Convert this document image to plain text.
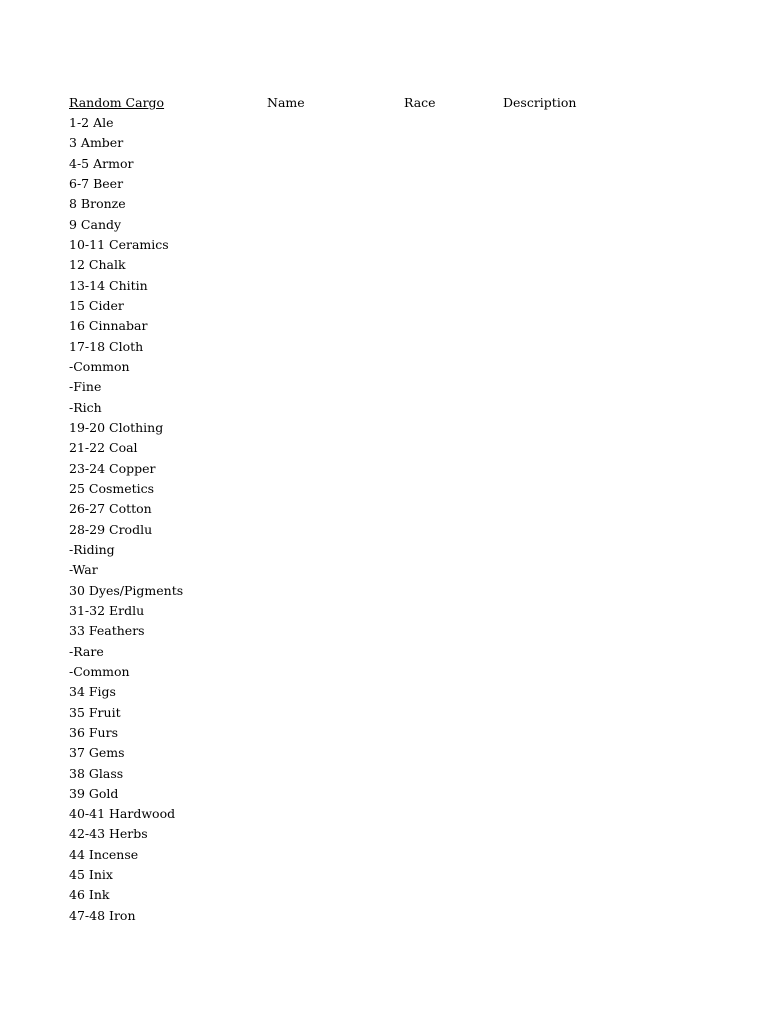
Random Cargo	Name	Race	Description
1-2 Ale
3 Amber
4-5 Armor
6-7 Beer
8 Bronze
9 Candy
10-11 Ceramics
12 Chalk
13-14 Chitin
15 Cider
16 Cinnabar
17-18 Cloth
-Common
-Fine
-Rich
19-20 Clothing
21-22 Coal
23-24 Copper
25 Cosmetics
26-27 Cotton
28-29 Crodlu
-Riding
-War
30 Dyes/Pigments
31-32 Erdlu
33 Feathers
-Rare
-Common
34 Figs
35 Fruit
36 Furs
37 Gems
38 Glass
39 Gold
40-41 Hardwood
42-43 Herbs
44 Incense
45 Inix
46 Ink
47-48 Iron
